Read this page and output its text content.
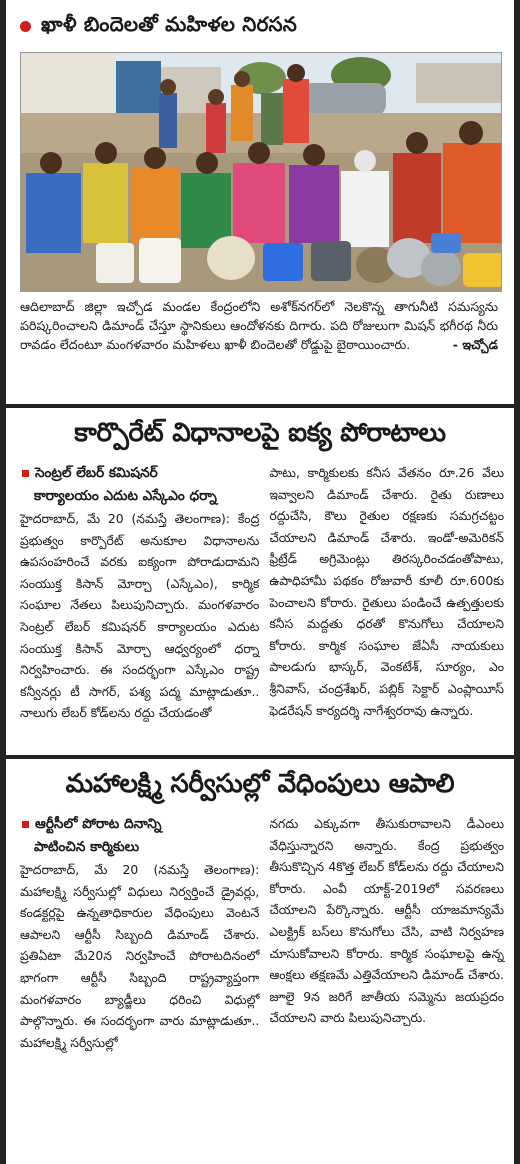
ఖాళీ బిందెలతో మహిళల నిరసన
ఆదిలాబాద్ జిల్లా ఇచ్చోడ మండల కేంద్రంలోని అశోక్‌నగర్‌లో నెలకొన్న తాగునీటి సమస్యను పరిష్కరించాలని డిమాండ్ చేస్తూ స్థానికులు ఆందోళనకు దిగారు. పది రోజులుగా మిషన్ భగీరథ నీరు రావడం లేదంటూ మంగళవారం మహిళలు ఖాళీ బిందెలతో రోడ్డుపై బైఠాయించారు.	- ఇచ్చోడ
కార్పొరేట్ విధానాలపై ఐక్య పోరాటాలు
సెంట్రల్ లేబర్ కమిషనర్
కార్యాలయం ఎదుట ఎస్కేఎం ధర్నా

హైదరాబాద్, మే 20 (నమస్తే తెలంగాణ): కేంద్ర ప్రభుత్వం కార్పొరేట్ అనుకూల విధానాలను ఉపసంహరించే వరకు ఐక్యంగా పోరాడుదామని సంయుక్త కిసాన్ మోర్చా (ఎస్కేఎం), కార్మిక సంఘాల నేతలు పిలుపునిచ్చారు. మంగళవారం సెంట్రల్ లేబర్ కమిషనర్ కార్యాలయం ఎదుట సంయుక్త కిసాన్ మోర్చా ఆధ్వర్యంలో ధర్నా నిర్వహించారు. ఈ సందర్భంగా ఎస్కేఎం రాష్ట్ర కన్వీనర్లు టీ సాగర్, పశ్య పద్మ మాట్లాడుతూ.. నాలుగు లేబర్ కోడ్‌లను రద్దు చేయడంతో

పాటు, కార్మికులకు కనీస వేతనం రూ.26 వేలు ఇవ్వాలని డిమాండ్ చేశారు. రైతు రుణాలు రద్దుచేసి, కౌలు రైతుల రక్షణకు సమగ్రచట్టం చేయాలని డిమాండ్ చేశారు. ఇండో-అమెరికన్ ఫ్రీట్రేడ్ అగ్రిమెంట్లు తిరస్కరించడంతోపాటు, ఉపాధిహామీ పథకం రోజువారీ కూలీ రూ.600కు పెంచాలని కోరారు. రైతులు పండించే ఉత్పత్తులకు కనీస మద్దతు ధరతో కొనుగోలు చేయాలని కోరారు. కార్మిక సంఘాల జేఏసీ నాయకులు పాలడుగు భాస్కర్, వెంకటేశ్, సూర్యం, ఎం శ్రీనివాస్, చంద్రశేఖర్, పబ్లిక్ సెక్టార్ ఎంప్లాయీస్ ఫెడరేషన్ కార్యదర్శి నాగేశ్వరరావు ఉన్నారు.

మహాలక్ష్మి సర్వీసుల్లో వేధింపులు ఆపాలి
ఆర్టీసీలో పోరాట దినాన్ని
పాటించిన కార్మికులు

హైదరాబాద్, మే 20 (నమస్తే తెలంగాణ): మహాలక్ష్మి సర్వీసుల్లో విధులు నిర్వర్తించే డ్రైవర్లు, కండక్టర్లపై ఉన్నతాధికారుల వేధింపులు వెంటనే ఆపాలని ఆర్టీసీ సిబ్బంది డిమాండ్ చేశారు. ప్రతిఏటా మే20న నిర్వహించే పోరాటదినంలో భాగంగా ఆర్టీసీ సిబ్బంది రాష్ట్రవ్యాప్తంగా మంగళవారం బ్యాడ్జీలు ధరించి విధుల్లో పాల్గొన్నారు. ఈ సందర్భంగా వారు మాట్లాడుతూ.. మహాలక్ష్మి సర్వీసుల్లో

నగదు ఎక్కువగా తీసుకురావాలని డీఎంలు వేధిస్తున్నారని అన్నారు. కేంద్ర ప్రభుత్వం తీసుకొచ్చిన 4కొత్త లేబర్ కోడ్‌లను రద్దు చేయాలని కోరారు. ఎంవీ యాక్ట్-2019లో సవరణలు చేయాలని పేర్కొన్నారు. ఆర్టీసీ యాజమాన్యమే ఎలక్ట్రిక్ బస్‌లు కొనుగోలు చేసి, వాటి నిర్వహణ చూసుకోవాలని కోరారు. కార్మిక సంఘాలపై ఉన్న ఆంక్షలు తక్షణమే ఎత్తివేయాలని డిమాండ్ చేశారు. జూలై 9న జరిగే జాతీయ సమ్మెను జయప్రదం చేయాలని వారు పిలుపునిచ్చారు.
